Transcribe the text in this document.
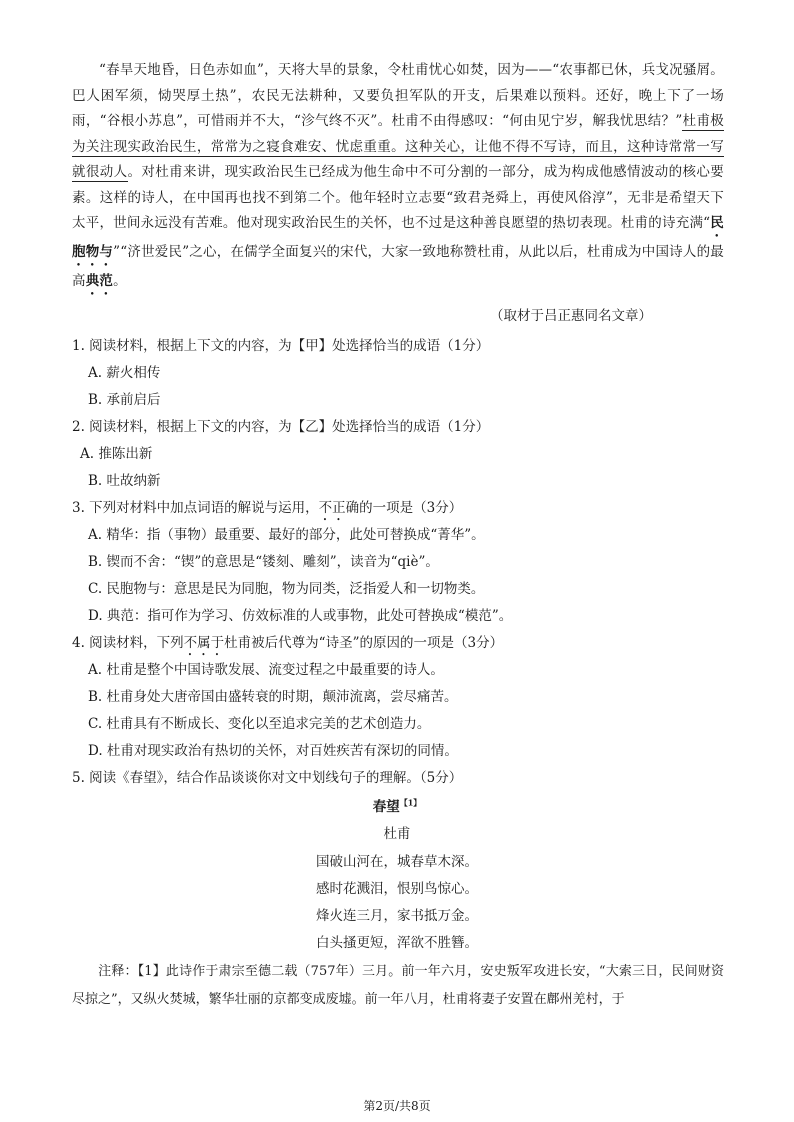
“春旱天地昏，日色赤如血”，天将大旱的景象，令杜甫忧心如焚，因为——“农事都已休，兵戈况骚屑。巴人困军须，恸哭厚土热”，农民无法耕种，又要负担军队的开支，后果难以预料。还好，晚上下了一场雨，“谷根小苏息”，可惜雨并不大，“沴气终不灭”。杜甫不由得感叹：“何由见宁岁，解我忧思结？”杜甫极为关注现实政治民生，常常为之寝食难安、忧虑重重。这种关心，让他不得不写诗，而且，这种诗常常一写就很动人。对杜甫来讲，现实政治民生已经成为他生命中不可分割的一部分，成为构成他感情波动的核心要素。这样的诗人，在中国再也找不到第二个。他年轻时立志要“致君尧舜上，再使风俗淳”，无非是希望天下太平，世间永远没有苦难。他对现实政治民生的关怀，也不过是这种善良愿望的热切表现。杜甫的诗充满“民胞物与”“济世爱民”之心，在儒学全面复兴的宋代，大家一致地称赞杜甫，从此以后，杜甫成为中国诗人的最高典范。
（取材于吕正惠同名文章）
1. 阅读材料，根据上下文的内容，为【甲】处选择恰当的成语（1分）
A. 薪火相传
B. 承前启后
2. 阅读材料，根据上下文的内容，为【乙】处选择恰当的成语（1分）
A. 推陈出新
B. 吐故纳新
3. 下列对材料中加点词语的解说与运用，不正确的一项是（3分）
A. 精华：指（事物）最重要、最好的部分，此处可替换成“菁华”。
B. 锲而不舍：“锲”的意思是“镂刻、雕刻”，读音为“qiè”。
C. 民胞物与：意思是民为同胞，物为同类，泛指爱人和一切物类。
D. 典范：指可作为学习、仿效标准的人或事物，此处可替换成“模范”。
4. 阅读材料，下列不属于杜甫被后代尊为“诗圣”的原因的一项是（3分）
A. 杜甫是整个中国诗歌发展、流变过程之中最重要的诗人。
B. 杜甫身处大唐帝国由盛转衰的时期，颠沛流离，尝尽痛苦。
C. 杜甫具有不断成长、变化以至追求完美的艺术创造力。
D. 杜甫对现实政治有热切的关怀，对百姓疾苦有深切的同情。
5. 阅读《春望》，结合作品谈谈你对文中划线句子的理解。（5分）
春望$^{【1】}$
杜甫
国破山河在，城春草木深。
感时花溅泪，恨别鸟惊心。
烽火连三月，家书抵万金。
白头搔更短，浑欲不胜簪。
注释：【1】此诗作于肃宗至德二载（757年）三月。前一年六月，安史叛军攻进长安，“大索三日，民间财资尽掠之”，又纵火焚城，繁华壮丽的京都变成废墟。前一年八月，杜甫将妻子安置在鄜州羌村，于
第2页/共8页
